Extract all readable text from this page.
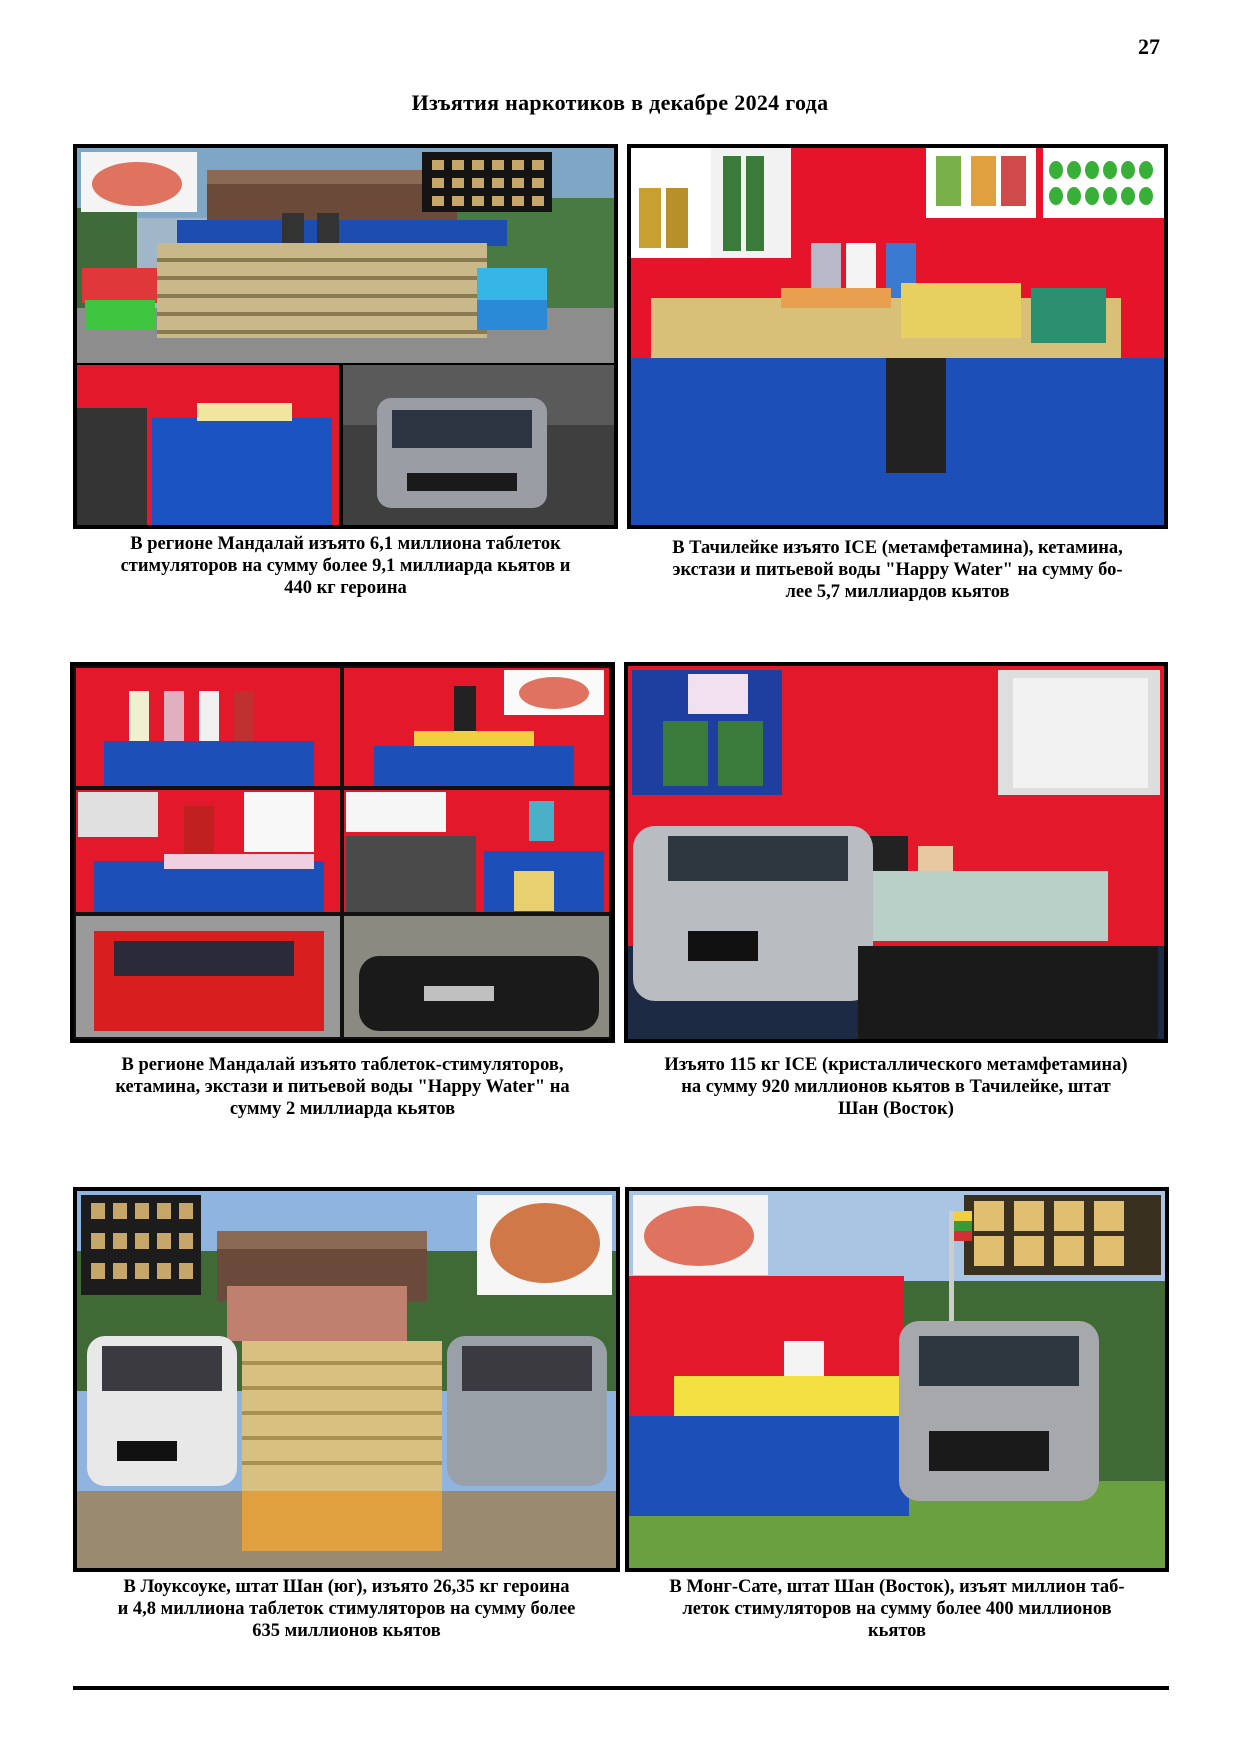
27
Изъятия наркотиков в декабре 2024 года
В регионе Мандалай изъято 6,1 миллиона таблеток
стимуляторов на сумму более 9,1 миллиарда кьятов и
440 кг героина
В Тачилейке изъято ICE (метамфетамина), кетамина,
экстази и питьевой воды "Happy Water" на сумму бо-
лее 5,7 миллиардов кьятов
В регионе Мандалай изъято таблеток-стимуляторов,
кетамина, экстази и питьевой воды "Happy Water" на
сумму 2 миллиарда кьятов
Изъято 115 кг ICE (кристаллического метамфетамина)
на сумму 920 миллионов кьятов в Тачилейке, штат
Шан (Восток)
В Лоуксоуке, штат Шан (юг), изъято 26,35 кг героина
и 4,8 миллиона таблеток стимуляторов на сумму более
635 миллионов кьятов
В Монг-Сате, штат Шан (Восток), изъят миллион таб-
леток стимуляторов на сумму более 400 миллионов
кьятов
